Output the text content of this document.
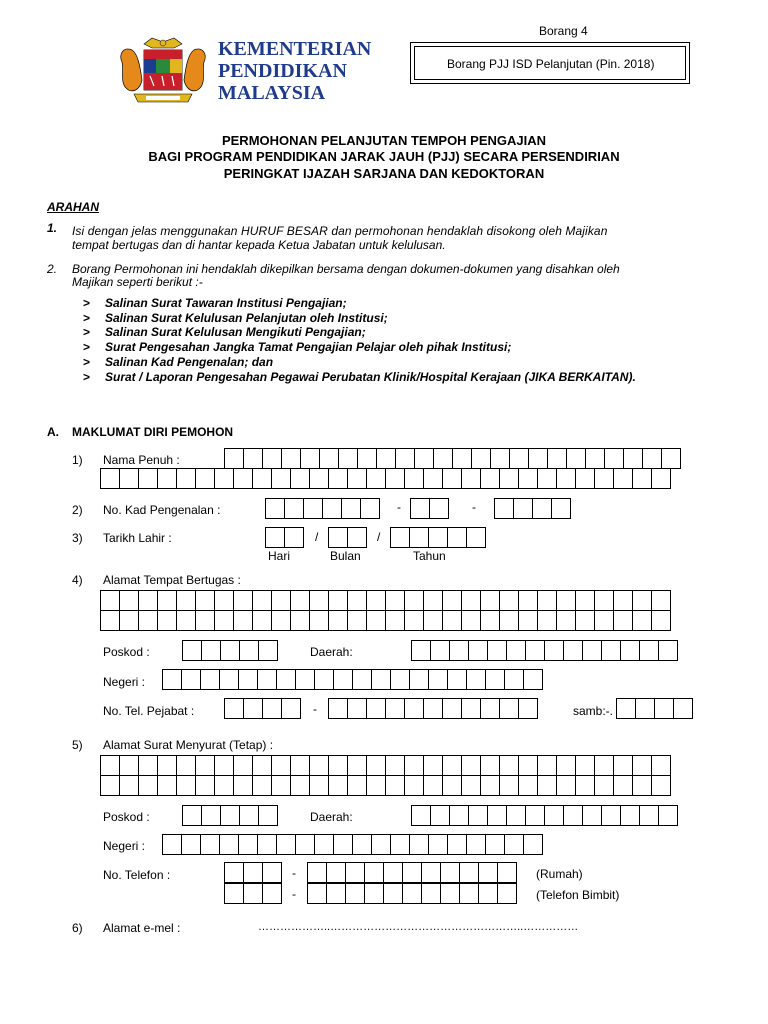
Borang 4
Borang PJJ ISD Pelanjutan (Pin. 2018)
KEMENTERIAN
PENDIDIKAN
MALAYSIA
PERMOHONAN PELANJUTAN TEMPOH PENGAJIAN
BAGI PROGRAM PENDIDIKAN JARAK JAUH (PJJ) SECARA PERSENDIRIAN
PERINGKAT IJAZAH SARJANA DAN KEDOKTORAN
ARAHAN
1. Isi dengan jelas menggunakan HURUF BESAR dan permohonan hendaklah disokong oleh Majikan
tempat bertugas dan di hantar kepada Ketua Jabatan untuk kelulusan.
2. Borang Permohonan ini hendaklah dikepilkan bersama dengan dokumen-dokumen yang disahkan oleh
Majikan seperti berikut :-
> Salinan Surat Tawaran Institusi Pengajian;
> Salinan Surat Kelulusan Pelanjutan oleh Institusi;
> Salinan Surat Kelulusan Mengikuti Pengajian;
> Surat Pengesahan Jangka Tamat Pengajian Pelajar oleh pihak Institusi;
> Salinan Kad Pengenalan; dan
> Surat / Laporan Pengesahan Pegawai Perubatan Klinik/Hospital Kerajaan (JIKA BERKAITAN).
A. MAKLUMAT DIRI PEMOHON
1) Nama Penuh :
2) No. Kad Pengenalan :	-	-
3) Tarikh Lahir :	/	/
Hari	Bulan	Tahun
4) Alamat Tempat Bertugas :
Poskod :	Daerah:
Negeri :
No. Tel. Pejabat :	-	samb:-.
5) Alamat Surat Menyurat (Tetap) :
Poskod :	Daerah:
Negeri :
No. Telefon :	-	(Rumah)
-	(Telefon Bimbit)
6) Alamat e-mel :	………………..……………………………………………..……………
